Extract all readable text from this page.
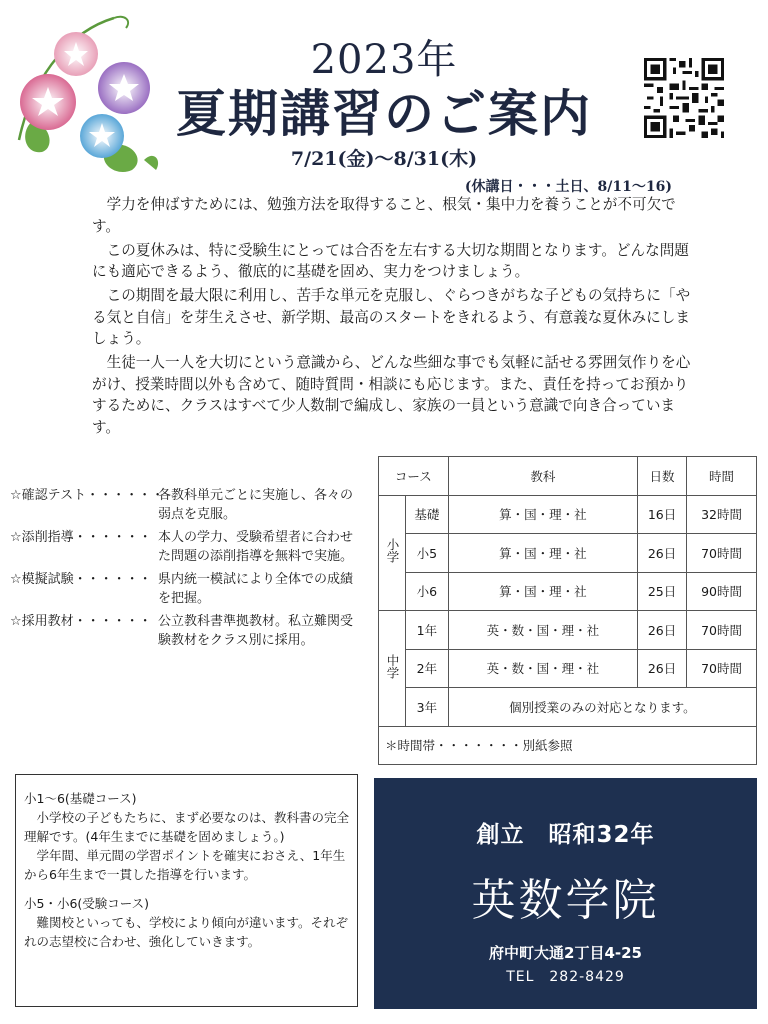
2023年
夏期講習のご案内
7/21(金)～8/31(木)
(休講日・・・土日、8/11～16)

　学力を伸ばすためには、勉強方法を取得すること、根気・集中力を養うことが不可欠です。

　この夏休みは、特に受験生にとっては合否を左右する大切な期間となります。どんな問題にも適応できるよう、徹底的に基礎を固め、実力をつけましょう。

　この期間を最大限に利用し、苦手な単元を克服し、ぐらつきがちな子どもの気持ちに「やる気と自信」を芽生えさせ、新学期、最高のスタートをきれるよう、有意義な夏休みにしましょう。

　生徒一人一人を大切にという意識から、どんな些細な事でも気軽に話せる雰囲気作りを心がけ、授業時間以外も含めて、随時質問・相談にも応じます。また、責任を持ってお預かりするために、クラスはすべて少人数制で編成し、家族の一員という意識で向き合っています。

☆確認テスト・・・・・・
各教科単元ごとに実施し、各々の弱点を克服。
☆添削指導・・・・・・ 本人の学力、受験希望者に合わせた問題の添削指導を無料で実施。
☆模擬試験・・・・・・ 県内統一模試により全体での成績を把握。
☆採用教材・・・・・・ 公立教科書準拠教材。私立難関受験教材をクラス別に採用。
コース		教科	日数	時間
小学	基礎	算・国・理・社	16日	32時間
	小5	算・国・理・社	26日	70時間
	小6	算・国・理・社	25日	90時間
中学	1年	英・数・国・理・社	26日	70時間
	2年	英・数・国・理・社	26日	70時間
	3年	個別授業のみの対応となります。		
＊時間帯・・・・・・・別紙参照				

小1～6(基礎コース)

　小学校の子どもたちに、まず必要なのは、教科書の完全理解です。(4年生までに基礎を固めましょう。)

　学年間、単元間の学習ポイントを確実におさえ、1年生から6年生まで一貫した指導を行います。

小5・小6(受験コース)

　難関校といっても、学校により傾向が違います。それぞれの志望校に合わせ、強化していきます。

創立　昭和32年
英数学院
府中町大通2丁目4-25
TEL　282-8429
